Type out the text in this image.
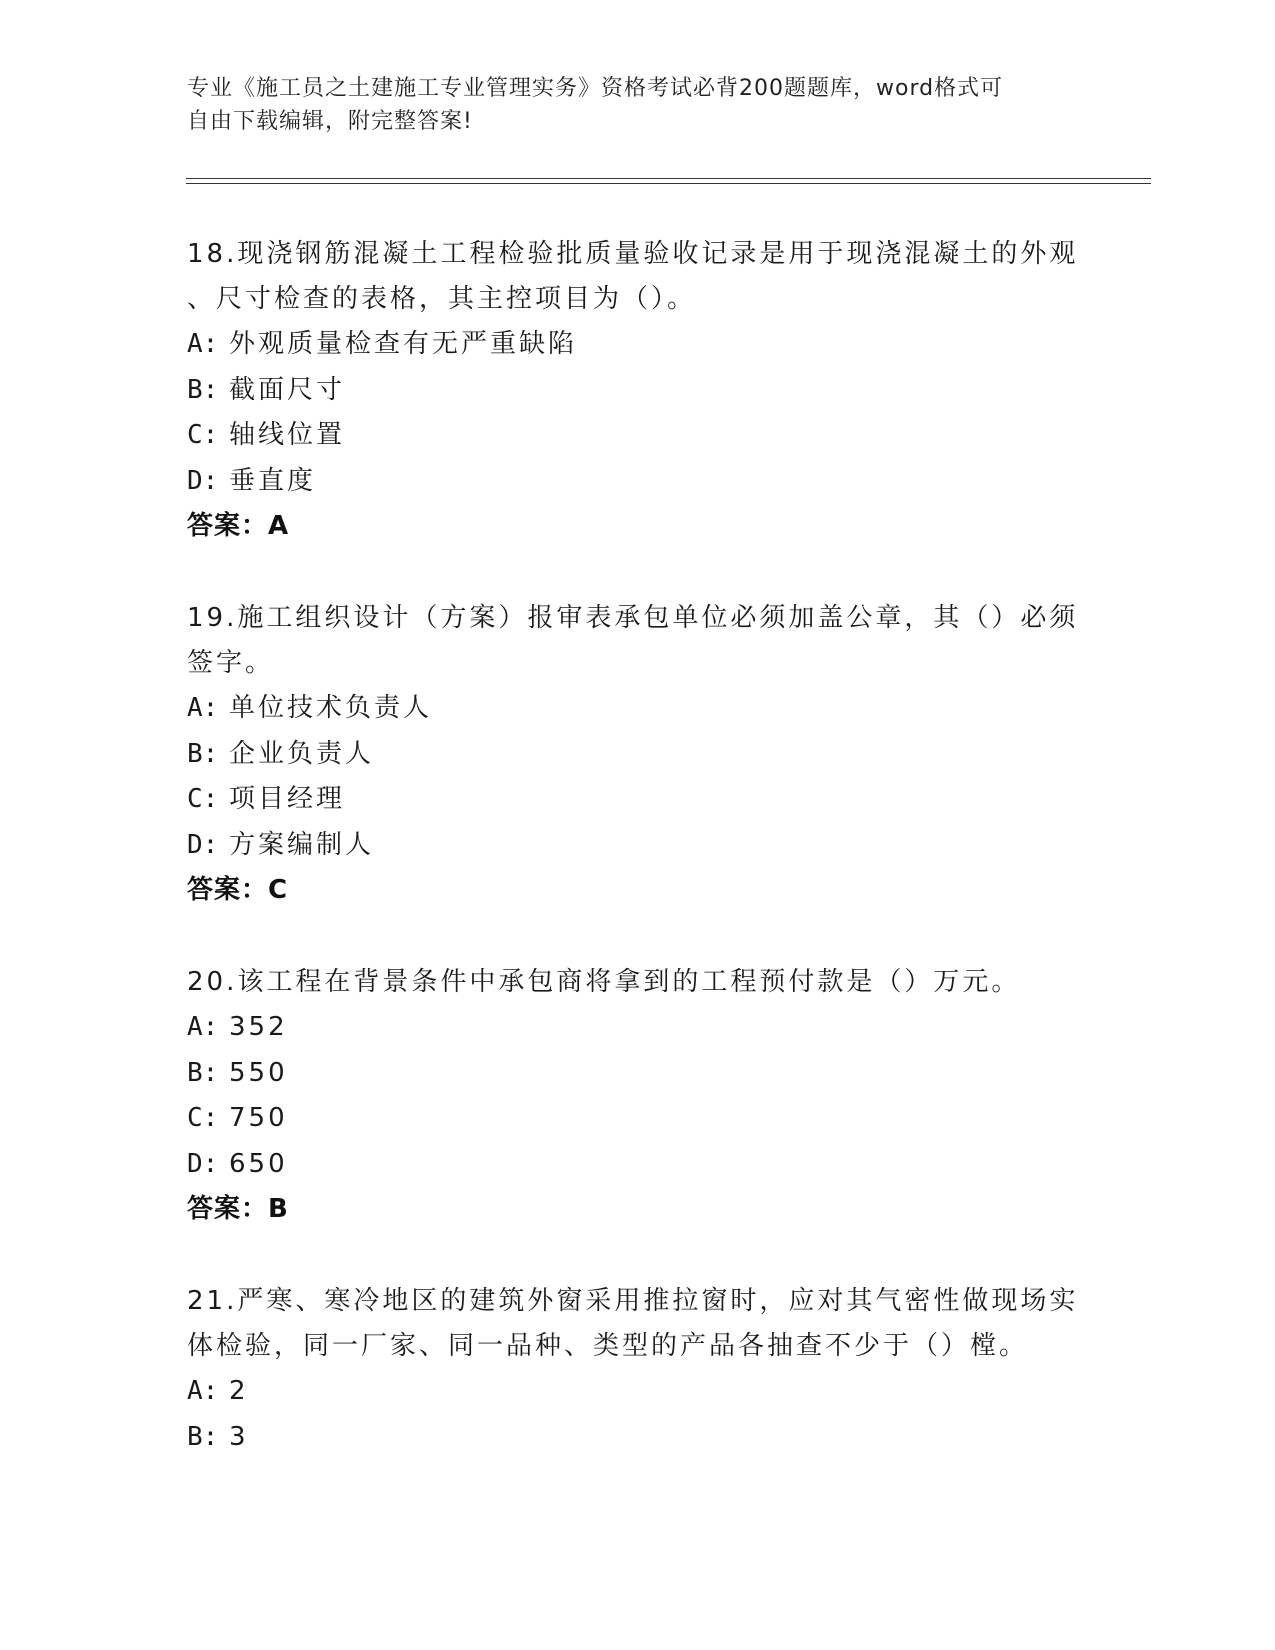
专业《施工员之土建施工专业管理实务》资格考试必背200题题库，word格式可
自由下载编辑，附完整答案!
18.现浇钢筋混凝土工程检验批质量验收记录是用于现浇混凝土的外观
、尺寸检查的表格，其主控项目为（）。
A: 外观质量检查有无严重缺陷
B: 截面尺寸
C: 轴线位置
D: 垂直度
答案：A
19.施工组织设计（方案）报审表承包单位必须加盖公章，其（）必须
签字。
A: 单位技术负责人
B: 企业负责人
C: 项目经理
D: 方案编制人
答案：C
20.该工程在背景条件中承包商将拿到的工程预付款是（）万元。
A: 352
B: 550
C: 750
D: 650
答案：B
21.严寒、寒冷地区的建筑外窗采用推拉窗时，应对其气密性做现场实
体检验，同一厂家、同一品种、类型的产品各抽查不少于（）樘。
A: 2
B: 3
